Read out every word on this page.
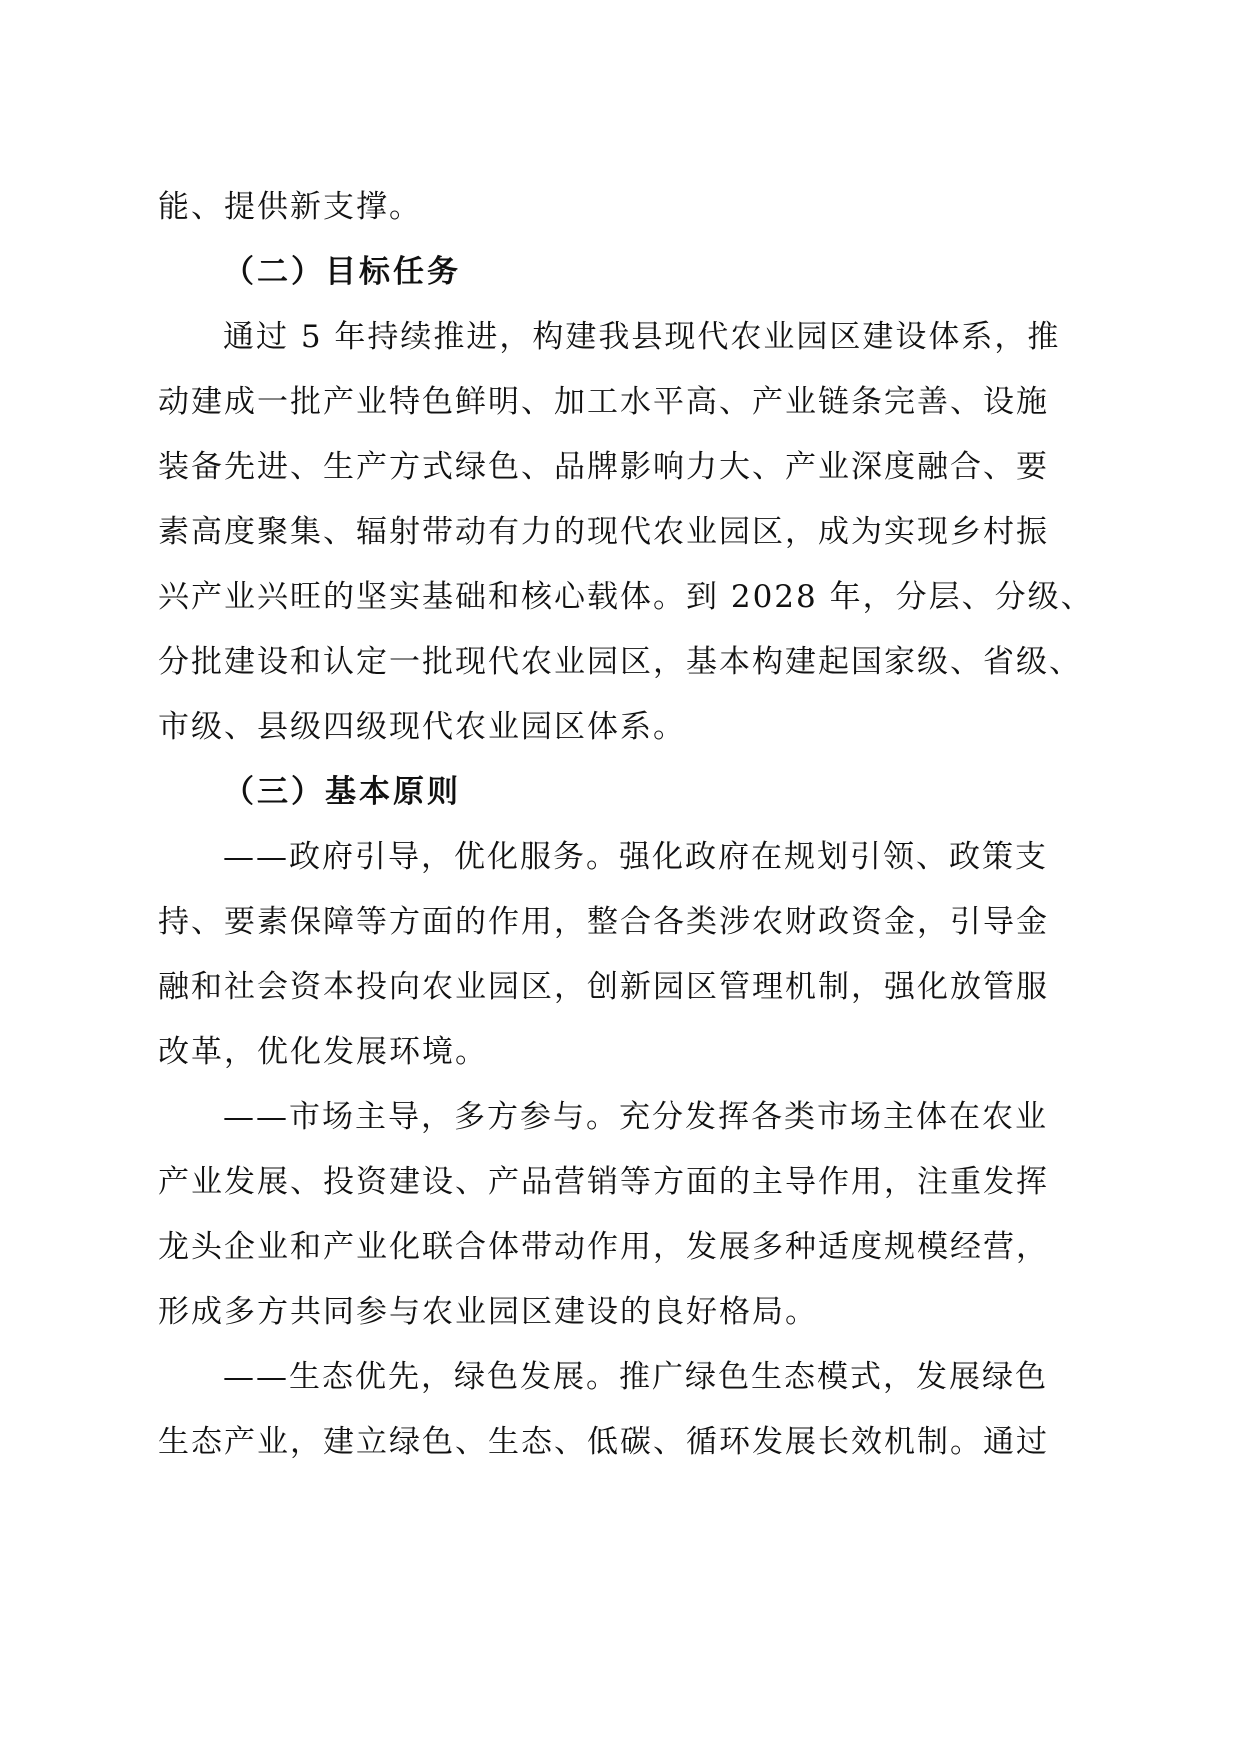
能、提供新支撑。
（二）目标任务
通过 5 年持续推进，构建我县现代农业园区建设体系，推
动建成一批产业特色鲜明、加工水平高、产业链条完善、设施
装备先进、生产方式绿色、品牌影响力大、产业深度融合、要
素高度聚集、辐射带动有力的现代农业园区，成为实现乡村振
兴产业兴旺的坚实基础和核心载体。到 2028 年，分层、分级、
分批建设和认定一批现代农业园区，基本构建起国家级、省级、
市级、县级四级现代农业园区体系。
（三）基本原则
——政府引导，优化服务。强化政府在规划引领、政策支
持、要素保障等方面的作用，整合各类涉农财政资金，引导金
融和社会资本投向农业园区，创新园区管理机制，强化放管服
改革，优化发展环境。
——市场主导，多方参与。充分发挥各类市场主体在农业
产业发展、投资建设、产品营销等方面的主导作用，注重发挥
龙头企业和产业化联合体带动作用，发展多种适度规模经营，
形成多方共同参与农业园区建设的良好格局。
——生态优先，绿色发展。推广绿色生态模式，发展绿色
生态产业，建立绿色、生态、低碳、循环发展长效机制。通过
